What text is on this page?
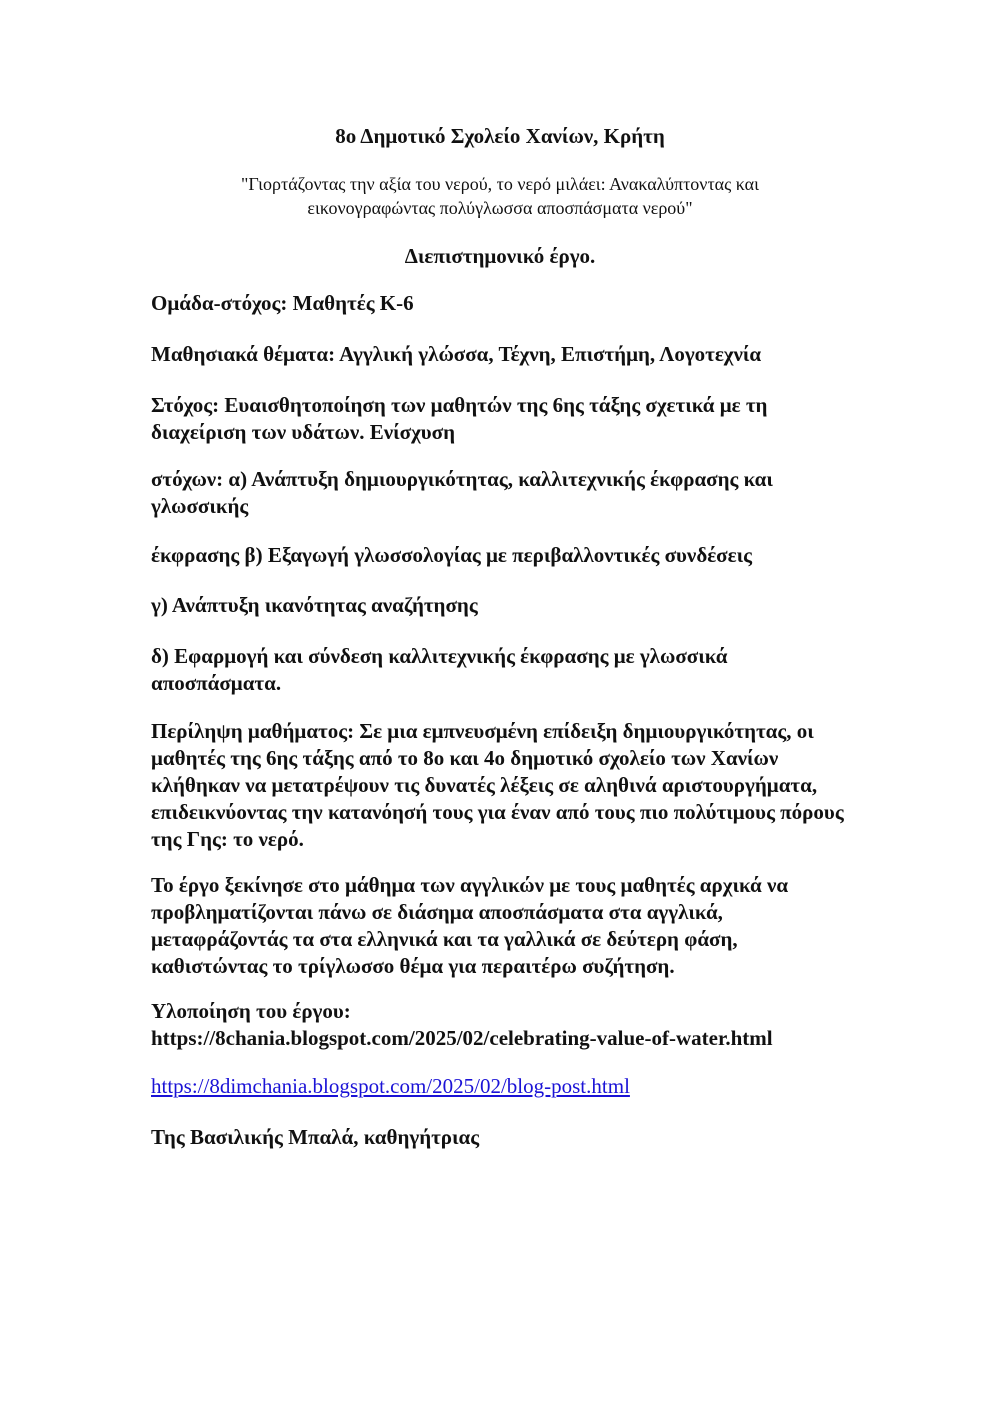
8ο Δημοτικό Σχολείο Χανίων, Κρήτη
"Γιορτάζοντας την αξία του νερού, το νερό μιλάει: Ανακαλύπτοντας και
εικονογραφώντας πολύγλωσσα αποσπάσματα νερού"
Διεπιστημονικό έργο.
Ομάδα-στόχος: Μαθητές Κ-6
Μαθησιακά θέματα: Αγγλική γλώσσα, Τέχνη, Επιστήμη, Λογοτεχνία
Στόχος: Ευαισθητοποίηση των μαθητών της 6ης τάξης σχετικά με τη διαχείριση των υδάτων. Ενίσχυση
στόχων: α) Ανάπτυξη δημιουργικότητας, καλλιτεχνικής έκφρασης και γλωσσικής
έκφρασης β) Εξαγωγή γλωσσολογίας με περιβαλλοντικές συνδέσεις
γ) Ανάπτυξη ικανότητας αναζήτησης
δ) Εφαρμογή και σύνδεση καλλιτεχνικής έκφρασης με γλωσσικά αποσπάσματα.
Περίληψη μαθήματος: Σε μια εμπνευσμένη επίδειξη δημιουργικότητας, οι μαθητές της 6ης τάξης από το 8ο και 4ο δημοτικό σχολείο των Χανίων κλήθηκαν να μετατρέψουν τις δυνατές λέξεις σε αληθινά αριστουργήματα, επιδεικνύοντας την κατανόησή τους για έναν από τους πιο πολύτιμους πόρους της Γης: το νερό.
Το έργο ξεκίνησε στο μάθημα των αγγλικών με τους μαθητές αρχικά να προβληματίζονται πάνω σε διάσημα αποσπάσματα στα αγγλικά, μεταφράζοντάς τα στα ελληνικά και τα γαλλικά σε δεύτερη φάση, καθιστώντας το τρίγλωσσο θέμα για περαιτέρω συζήτηση.
Υλοποίηση του έργου:
https://8chania.blogspot.com/2025/02/celebrating-value-of-water.html
https://8dimchania.blogspot.com/2025/02/blog-post.html
Της Βασιλικής Μπαλά, καθηγήτριας
